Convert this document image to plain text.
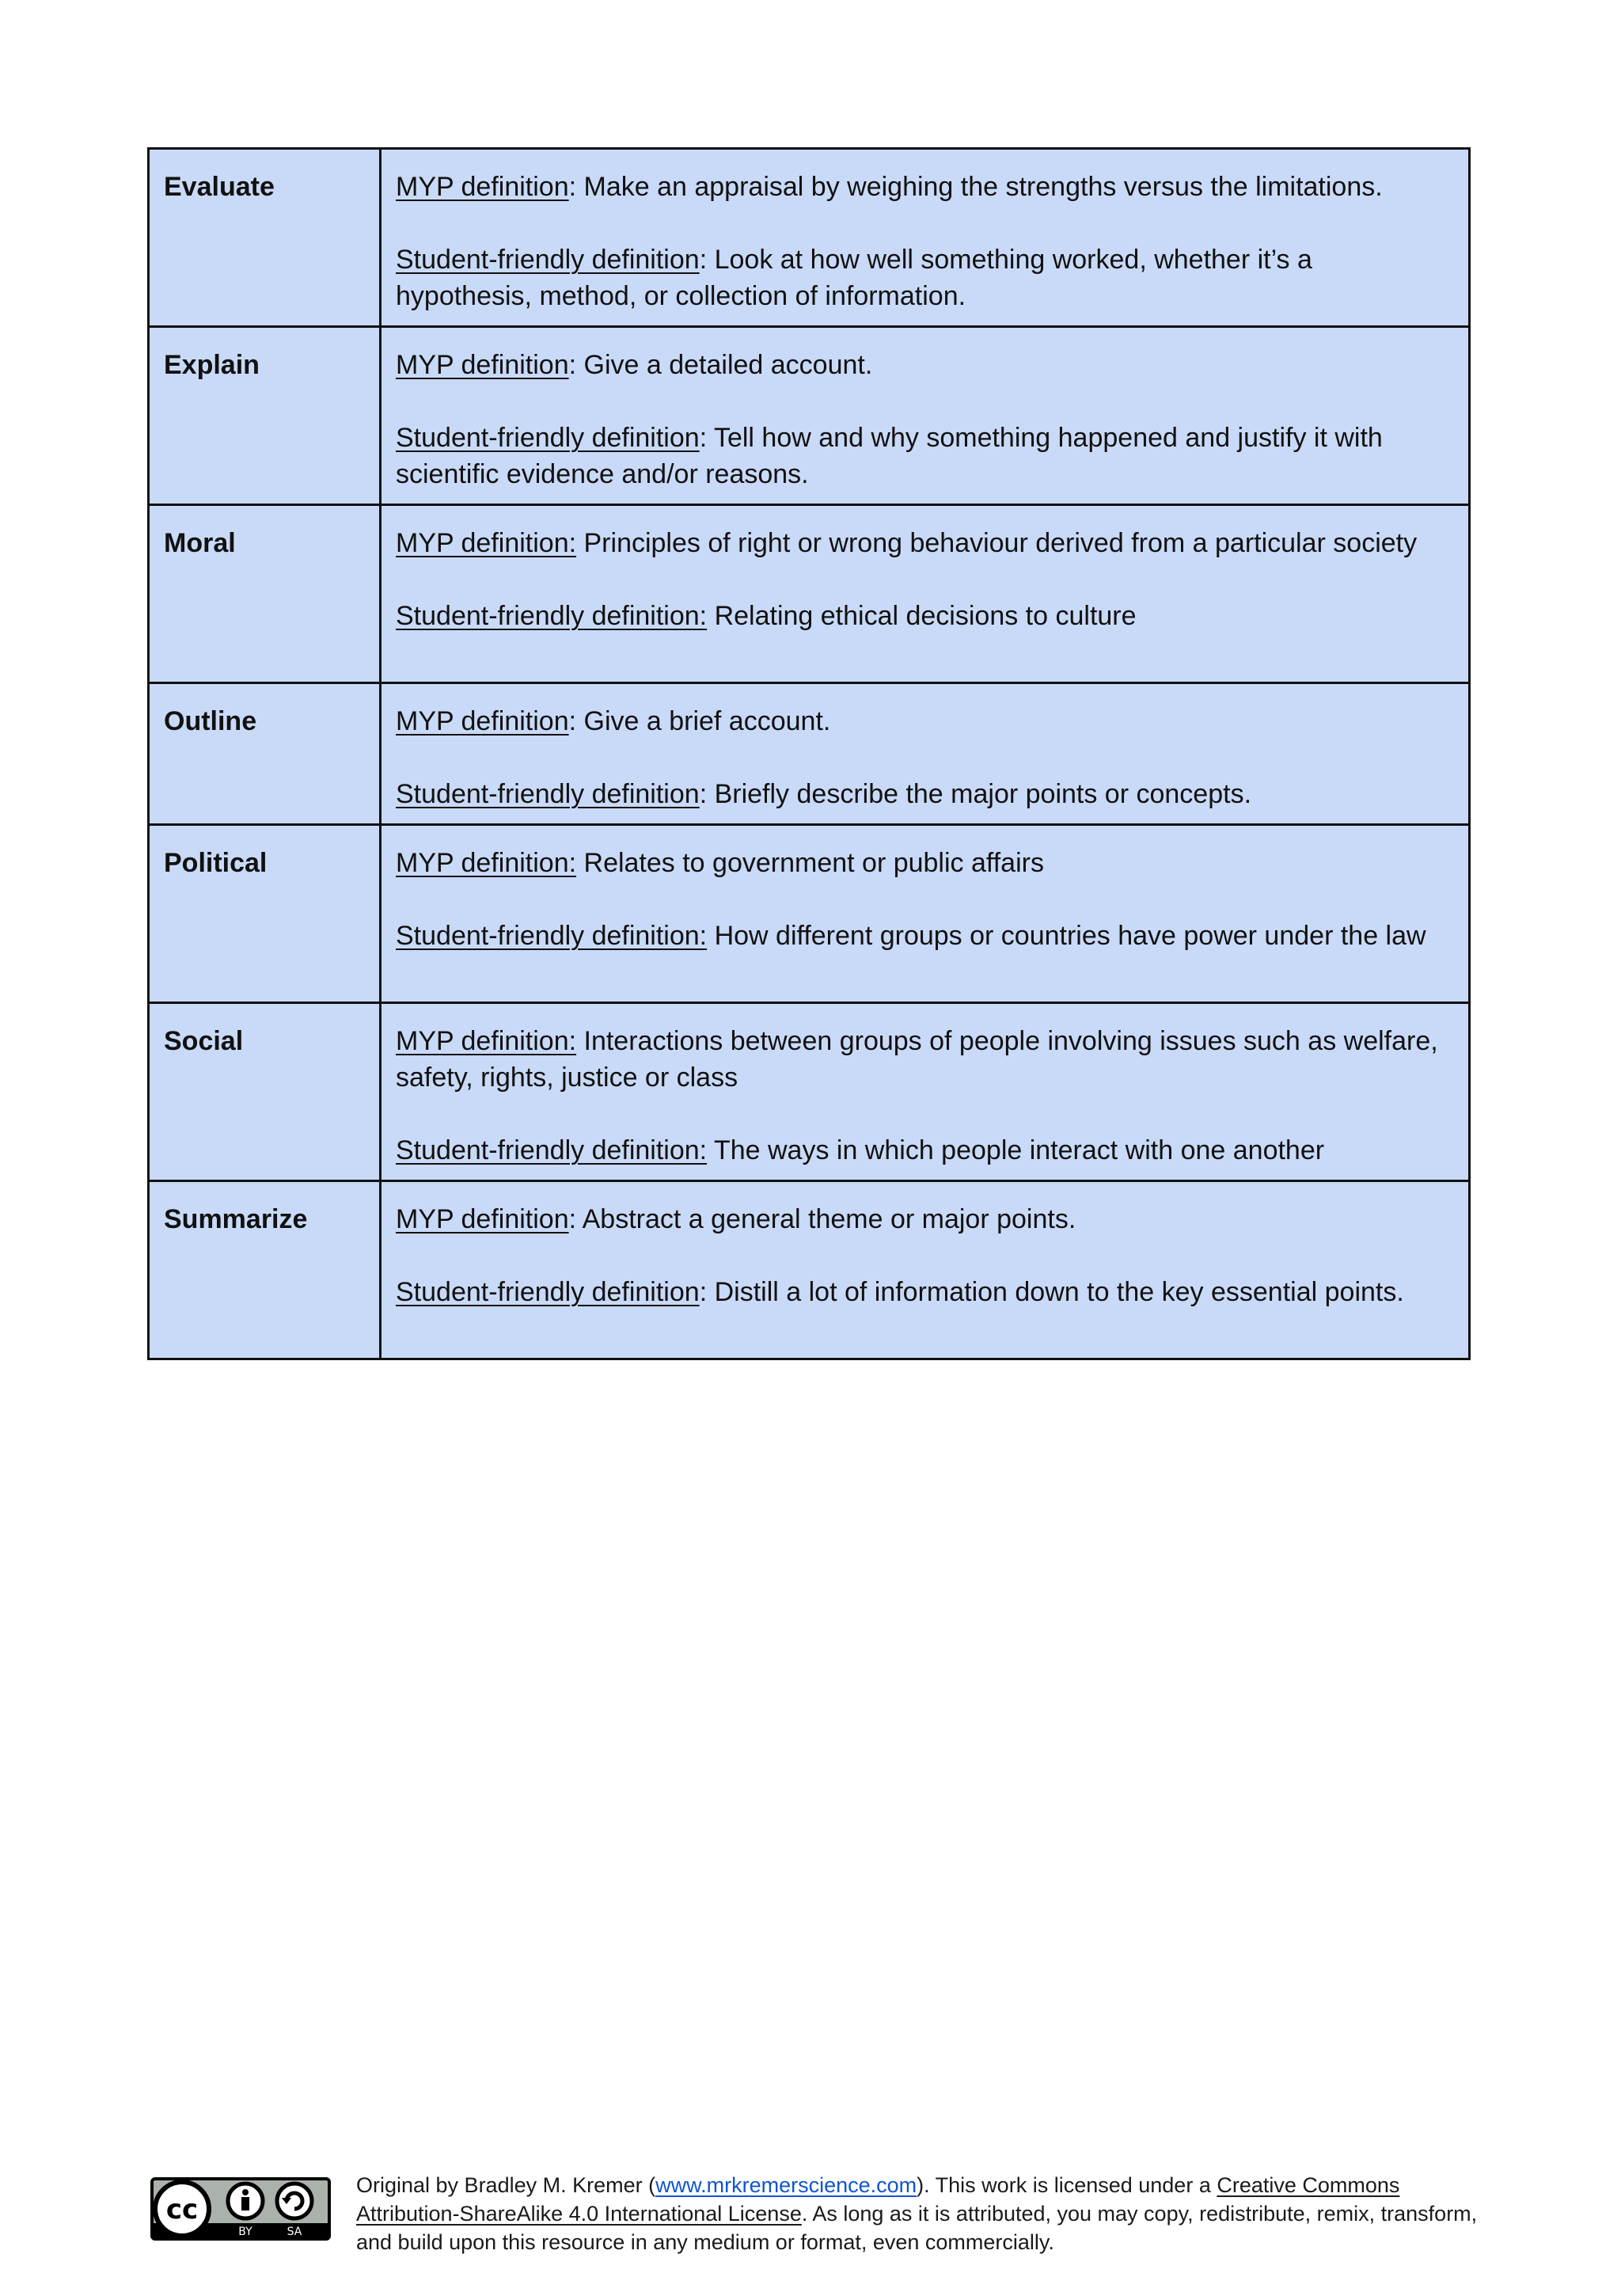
Evaluate	MYP definition: Make an appraisal by weighing the strengths versus the limitations.
Student-friendly definition: Look at how well something worked, whether it’s a hypothesis, method, or collection of information.

Explain	MYP definition: Give a detailed account.
Student-friendly definition: Tell how and why something happened and justify it with scientific evidence and/or reasons.

Moral	MYP definition: Principles of right or wrong behaviour derived from a particular society
Student-friendly definition: Relating ethical decisions to culture

Outline	MYP definition: Give a brief account.
Student-friendly definition: Briefly describe the major points or concepts.

Political	MYP definition: Relates to government or public affairs
Student-friendly definition: How different groups or countries have power under the law

Social	MYP definition: Interactions between groups of people involving issues such as welfare, safety, rights, justice or class
Student-friendly definition: The ways in which people interact with one another

Summarize	MYP definition: Abstract a general theme or major points.
Student-friendly definition: Distill a lot of information down to the key essential points.
cc
BY	SA
Original by Bradley M. Kremer (www.mrkremerscience.com). This work is licensed under a Creative Commons Attribution-ShareAlike 4.0 International License. As long as it is attributed, you may copy, redistribute, remix, transform, and build upon this resource in any medium or format, even commercially.
